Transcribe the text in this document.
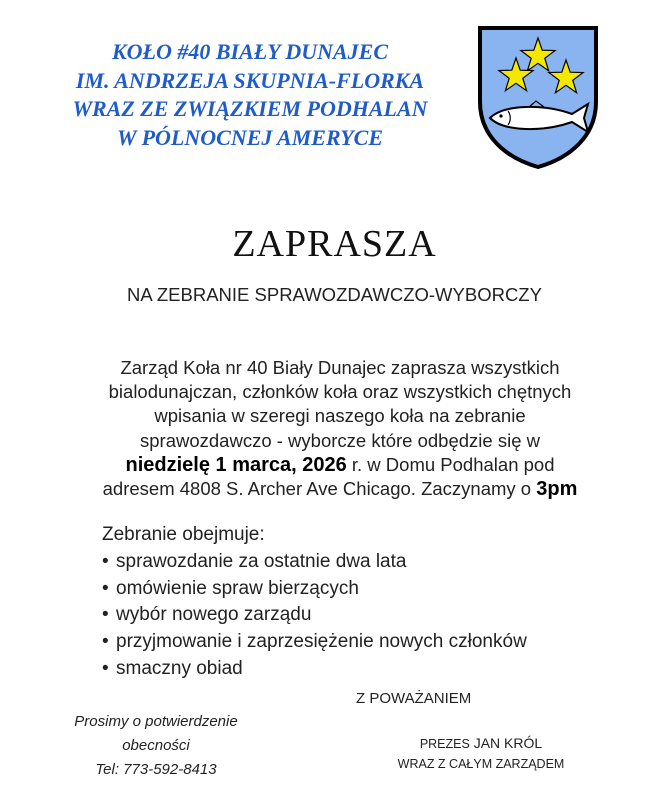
KOŁO #40 BIAŁY DUNAJEC
IM. ANDRZEJA SKUPNIA-FLORKA
WRAZ ZE ZWIĄZKIEM PODHALAN
W PÓLNOCNEJ AMERYCE
ZAPRASZA
NA ZEBRANIE SPRAWOZDAWCZO-WYBORCZY
Zarząd Koła nr 40 Biały Dunajec zaprasza wszystkich
bialodunajczan, członków koła oraz wszystkich chętnych
wpisania w szeregi naszego koła na zebranie
sprawozdawczo - wyborcze które odbędzie się w
niedzielę 1 marca, 2026 r. w Domu Podhalan pod
adresem 4808 S. Archer Ave Chicago. Zaczynamy o 3pm
Zebranie obejmuje:
• sprawozdanie za ostatnie dwa lata
• omówienie spraw bierzących
• wybór nowego zarządu
• przyjmowanie i zaprzesiężenie nowych członków
• smaczny obiad
Prosimy o potwierdzenie
obecności
Tel: 773-592-8413
Z POWAŻANIEM
PREZES JAN KRÓL
WRAZ Z CAŁYM ZARZĄDEM
